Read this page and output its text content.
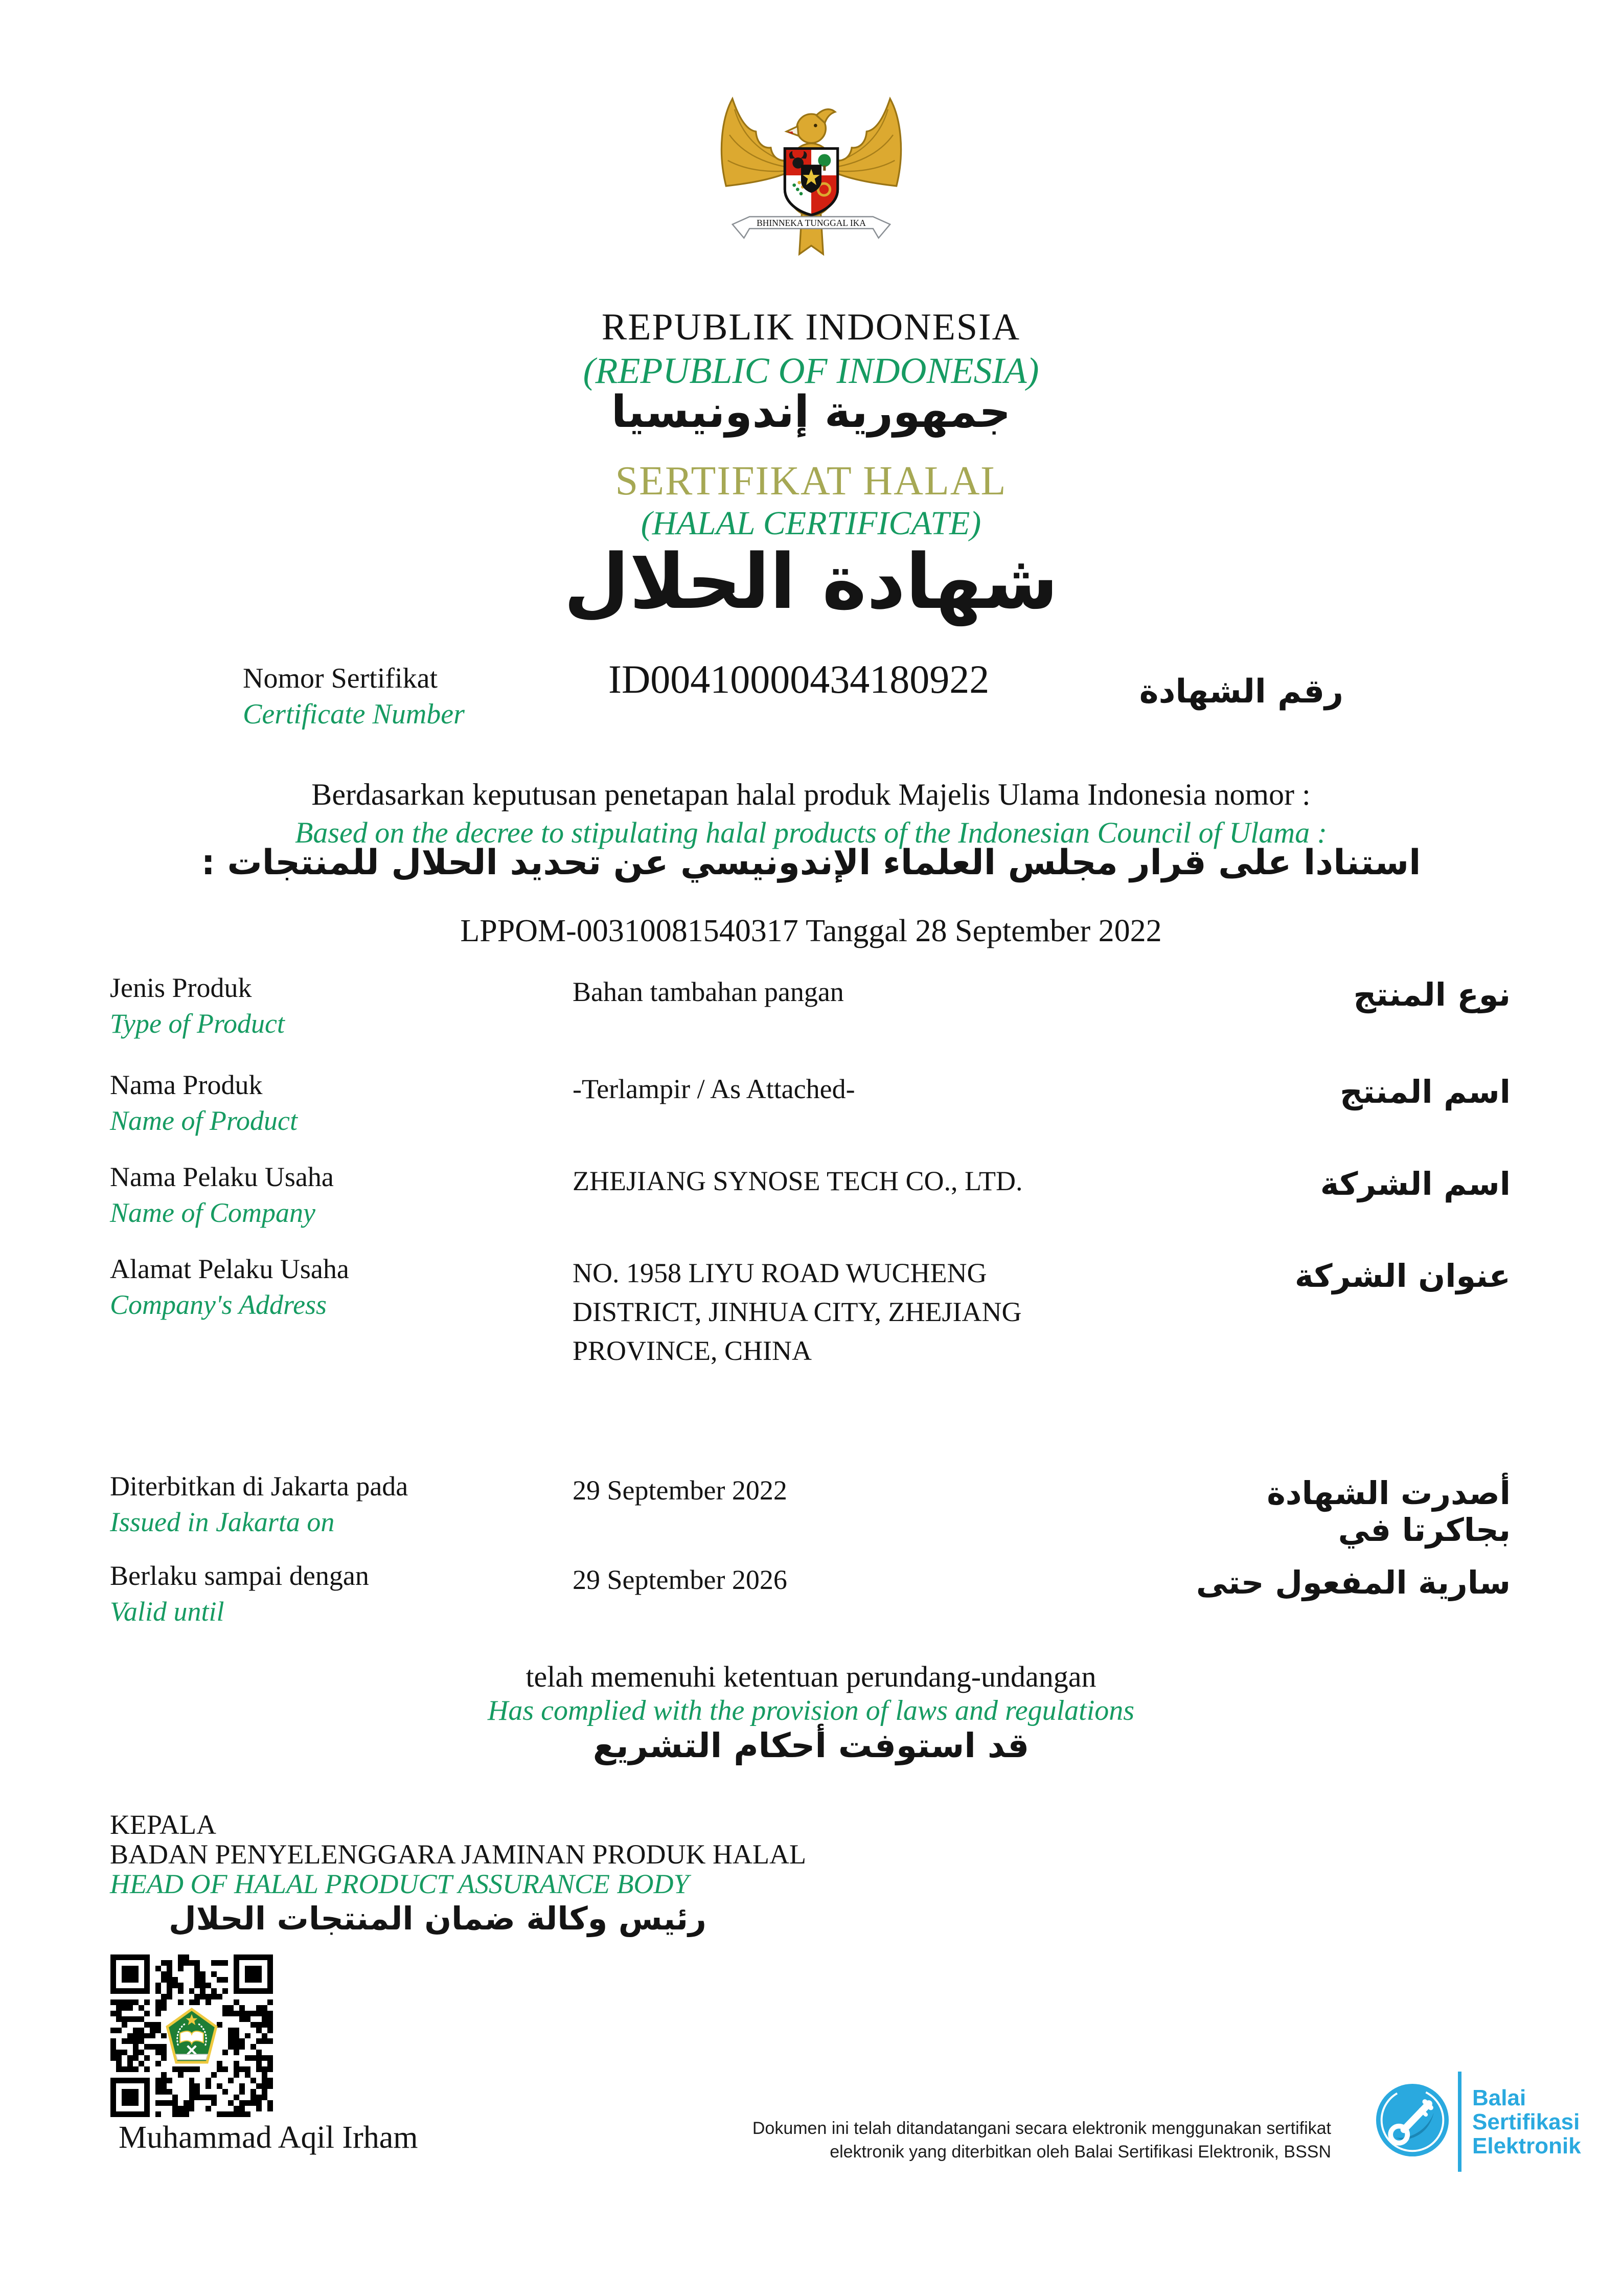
BHINNEKA TUNGGAL IKA
REPUBLIK INDONESIA
(REPUBLIC OF INDONESIA)
جمهورية إندونيسيا
SERTIFIKAT HALAL
(HALAL CERTIFICATE)
شهادة الحلال
Nomor Sertifikat
Certificate Number
ID00410000434180922	رقم الشهادة
Berdasarkan keputusan penetapan halal produk Majelis Ulama Indonesia nomor :
Based on the decree to stipulating halal products of the Indonesian Council of Ulama :
استنادا على قرار مجلس العلماء الإندونيسي عن تحديد الحلال للمنتجات :
LPPOM-00310081540317 Tanggal 28 September 2022
Jenis Produk
Type of Product
Bahan tambahan pangan	نوع المنتج
Nama Produk
Name of Product
-Terlampir / As Attached-	اسم المنتج
Nama Pelaku Usaha
Name of Company
ZHEJIANG SYNOSE TECH CO., LTD.	اسم الشركة
Alamat Pelaku Usaha
Company's Address
NO. 1958 LIYU ROAD WUCHENG DISTRICT, JINHUA CITY, ZHEJIANG PROVINCE, CHINA
عنوان الشركة
Diterbitkan di Jakarta pada
Issued in Jakarta on
29 September 2022	أصدرت الشهادة بجاكرتا في
Berlaku sampai dengan
Valid until
29 September 2026	سارية المفعول حتى
telah memenuhi ketentuan perundang-undangan
Has complied with the provision of laws and regulations
قد استوفت أحكام التشريع
KEPALA
BADAN PENYELENGGARA JAMINAN PRODUK HALAL
HEAD OF HALAL PRODUCT ASSURANCE BODY
رئيس وكالة ضمان المنتجات الحلال
Muhammad Aqil Irham	Dokumen ini telah ditandatangani secara elektronik menggunakan sertifikat
elektronik yang diterbitkan oleh Balai Sertifikasi Elektronik, BSSN
Balai
Sertifikasi
Elektronik
